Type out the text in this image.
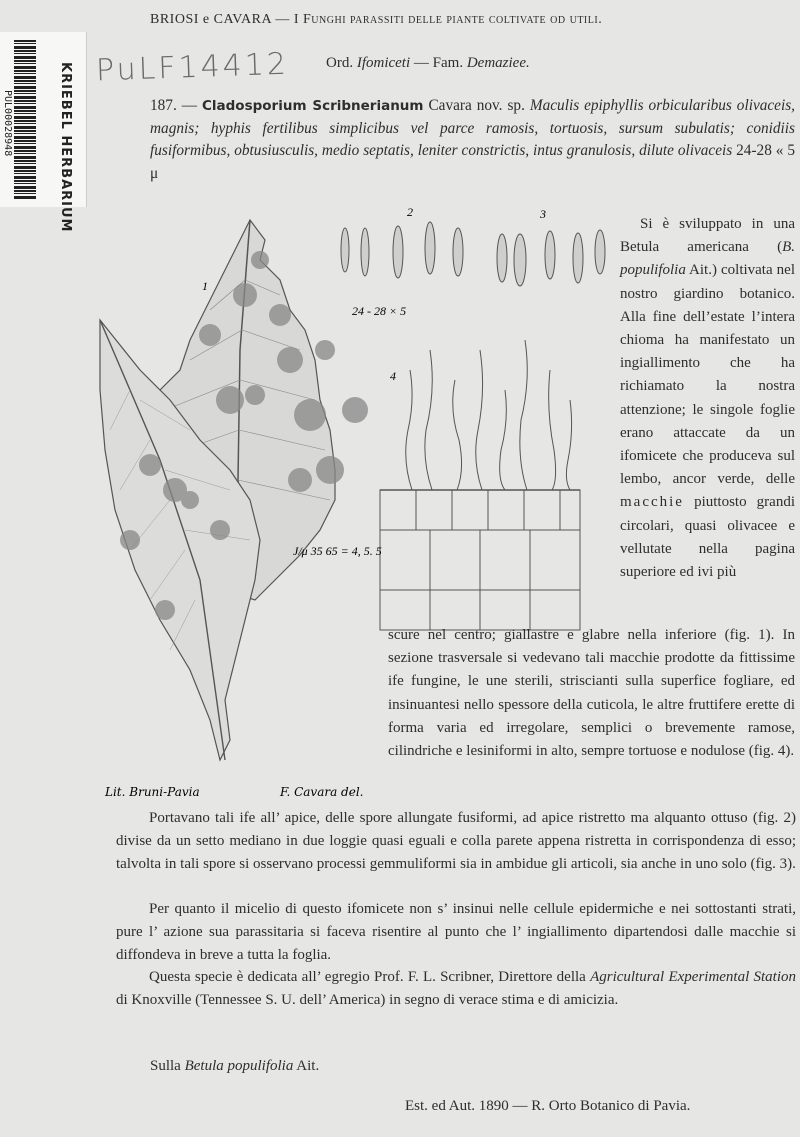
BRIOSI e CAVARA — I Funghi parassiti delle piante coltivate od utili.
PUL00028948	KRIEBEL HERBARIUM PuLF14412 Ord. Ifomiceti — Fam. Demaziee.
187. — Cladosporium Scribnerianum Cavara nov. sp. Maculis epiphyllis orbicularibus olivaceis, magnis; hyphis fertilibus simplicibus vel parce ramosis, tortuosis, sursum subulatis; conidiis fusiformibus, obtusiusculis, medio septatis, leniter constrictis, intus granulosis, dilute olivaceis 24-28 « 5 μ
1
2	3
4
24 - 28 × 5
J/μ 35 65 = 4, 5. 5
Lit. Bruni-Pavia	F. Cavara del.

Si è sviluppato in una Betula americana (B. populifolia Ait.) coltivata nel nostro giardino botanico. Alla fine dell’estate l’intera chioma ha manifestato un ingiallimento che ha richiamato la nostra attenzione; le singole foglie erano attaccate da un ifomicete che produceva sul lembo, ancor verde, delle macchie piuttosto grandi circolari, quasi olivacee e vellutate nella pagina superiore ed ivi più

scure nel centro; giallastre e glabre nella inferiore (fig. 1). In sezione trasversale si vedevano tali macchie prodotte da fittissime ife fungine, le une sterili, striscianti sulla superfice fogliare, ed insinuantesi nello spessore della cuticola, le altre fruttifere erette di forma varia ed irregolare, semplici o brevemente ramose, cilindriche e lesiniformi in alto, sempre tortuose e nodulose (fig. 4).
Portavano tali ife all’ apice, delle spore allungate fusiformi, ad apice ristretto ma alquanto ottuso (fig. 2) divise da un setto mediano in due loggie quasi eguali e colla parete appena ristretta in corrispondenza di esso; talvolta in tali spore si osservano processi gemmuliformi sia in ambidue gli articoli, sia anche in uno solo (fig. 3).
Per quanto il micelio di questo ifomicete non s’ insinui nelle cellule epidermiche e nei sottostanti strati, pure l’ azione sua parassitaria si faceva risentire al punto che l’ ingiallimento dipartendosi dalle macchie si diffondeva in breve a tutta la foglia.
Questa specie è dedicata all’ egregio Prof. F. L. Scribner, Direttore della Agricultural Experimental Station di Knoxville (Tennessee S. U. dell’ America) in segno di verace stima e di amicizia.
Sulla Betula populifolia Ait.
Est. ed Aut. 1890 — R. Orto Botanico di Pavia.
